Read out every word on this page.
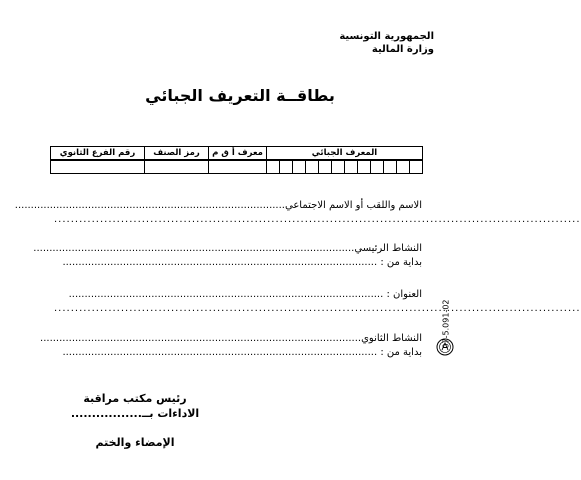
الجمهورية التونسية
وزارة المالية
بطاقــة التعريف الجبائي
رقم الفرع الثانوي	رمز الصنف	معرف أ ق م	المعرف الجبائي

الاسم واللقب أو الاسم الاجتماعي.....................................................................................
..............................................................................................................................
النشاط الرئيسي.....................................................................................................
بداية من : ...................................................................................................
العنوان : ...................................................................................................
..............................................................................................................................
النشاط الثانوي.....................................................................................................
بداية من : ...................................................................................................
07-5.091-02
رئيس مكتب مراقبة
الاداءات بــ.................
الإمضاء والختم
